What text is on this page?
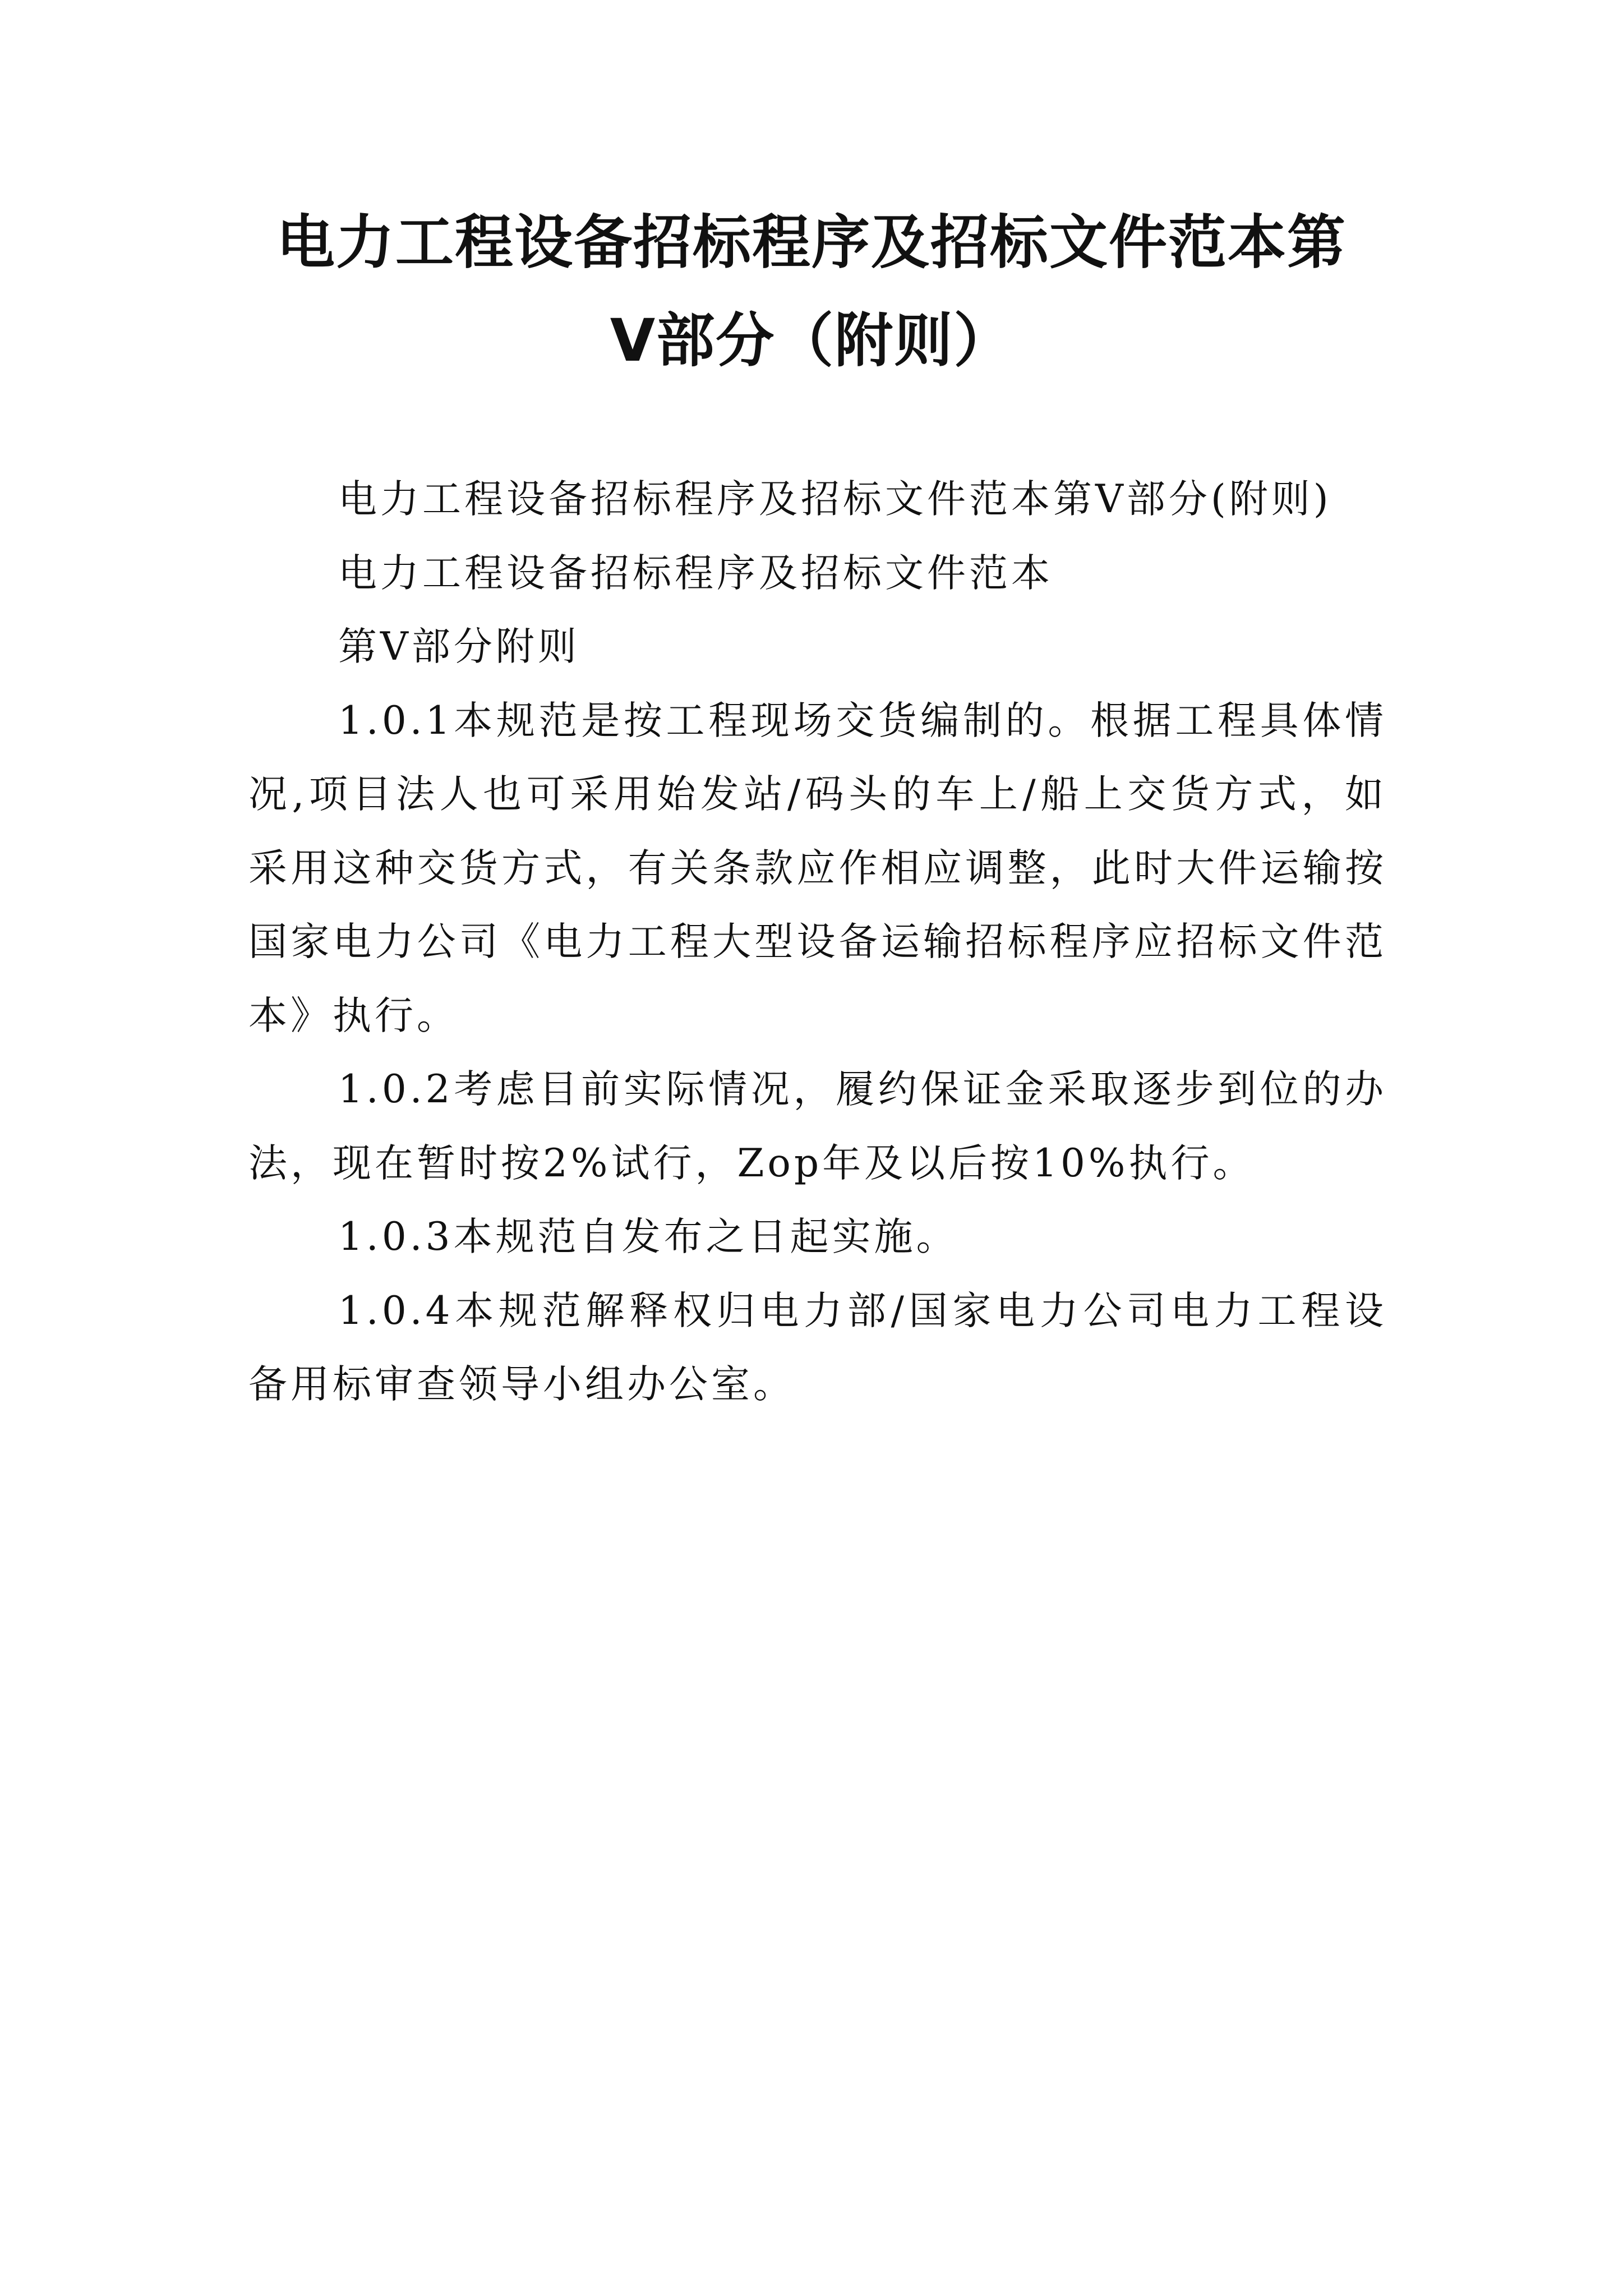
电力工程设备招标程序及招标文件范本第
Ⅴ部分（附则）

电力工程设备招标程序及招标文件范本第Ⅴ部分(附则)

电力工程设备招标程序及招标文件范本

第Ⅴ部分附则

1.0.1本规范是按工程现场交货编制的。根据工程具体情况,项目法人也可采用始发站/码头的车上/船上交货方式，如采用这种交货方式，有关条款应作相应调整，此时大件运输按国家电力公司《电力工程大型设备运输招标程序应招标文件范本》执行。

1.0.2考虑目前实际情况，履约保证金采取逐步到位的办法，现在暂时按2%试行，Zop年及以后按10%执行。

1.0.3本规范自发布之日起实施。

1.0.4本规范解释权归电力部/国家电力公司电力工程设备用标审查领导小组办公室。
